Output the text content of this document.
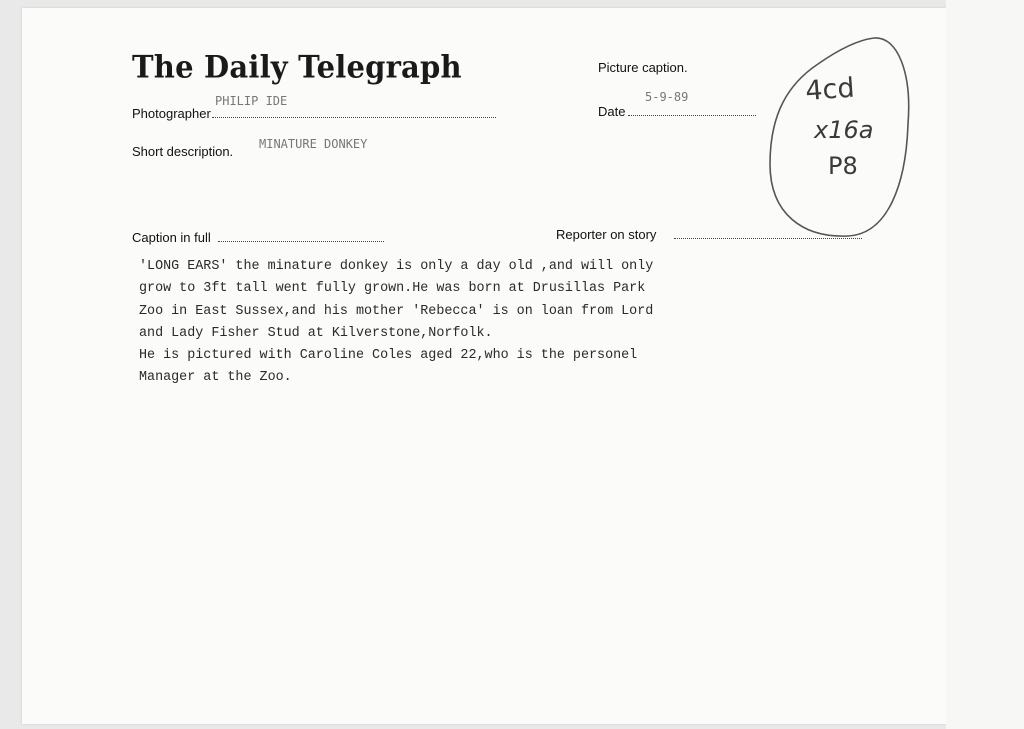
The Daily Telegraph	Picture caption.
PHILIP IDE
Photographer
5-9-89
Date
Short description. MINATURE DONKEY
Caption in full	Reporter on story
'LONG EARS' the minature donkey is only a day old ,and will only
grow to 3ft tall went fully grown.He was born at Drusillas Park
Zoo in East Sussex,and his mother 'Rebecca' is on loan from Lord
and Lady Fisher Stud at Kilverstone,Norfolk.
He is pictured with Caroline Coles aged 22,who is the personel
Manager at the Zoo.
4cd
x16a
P8
